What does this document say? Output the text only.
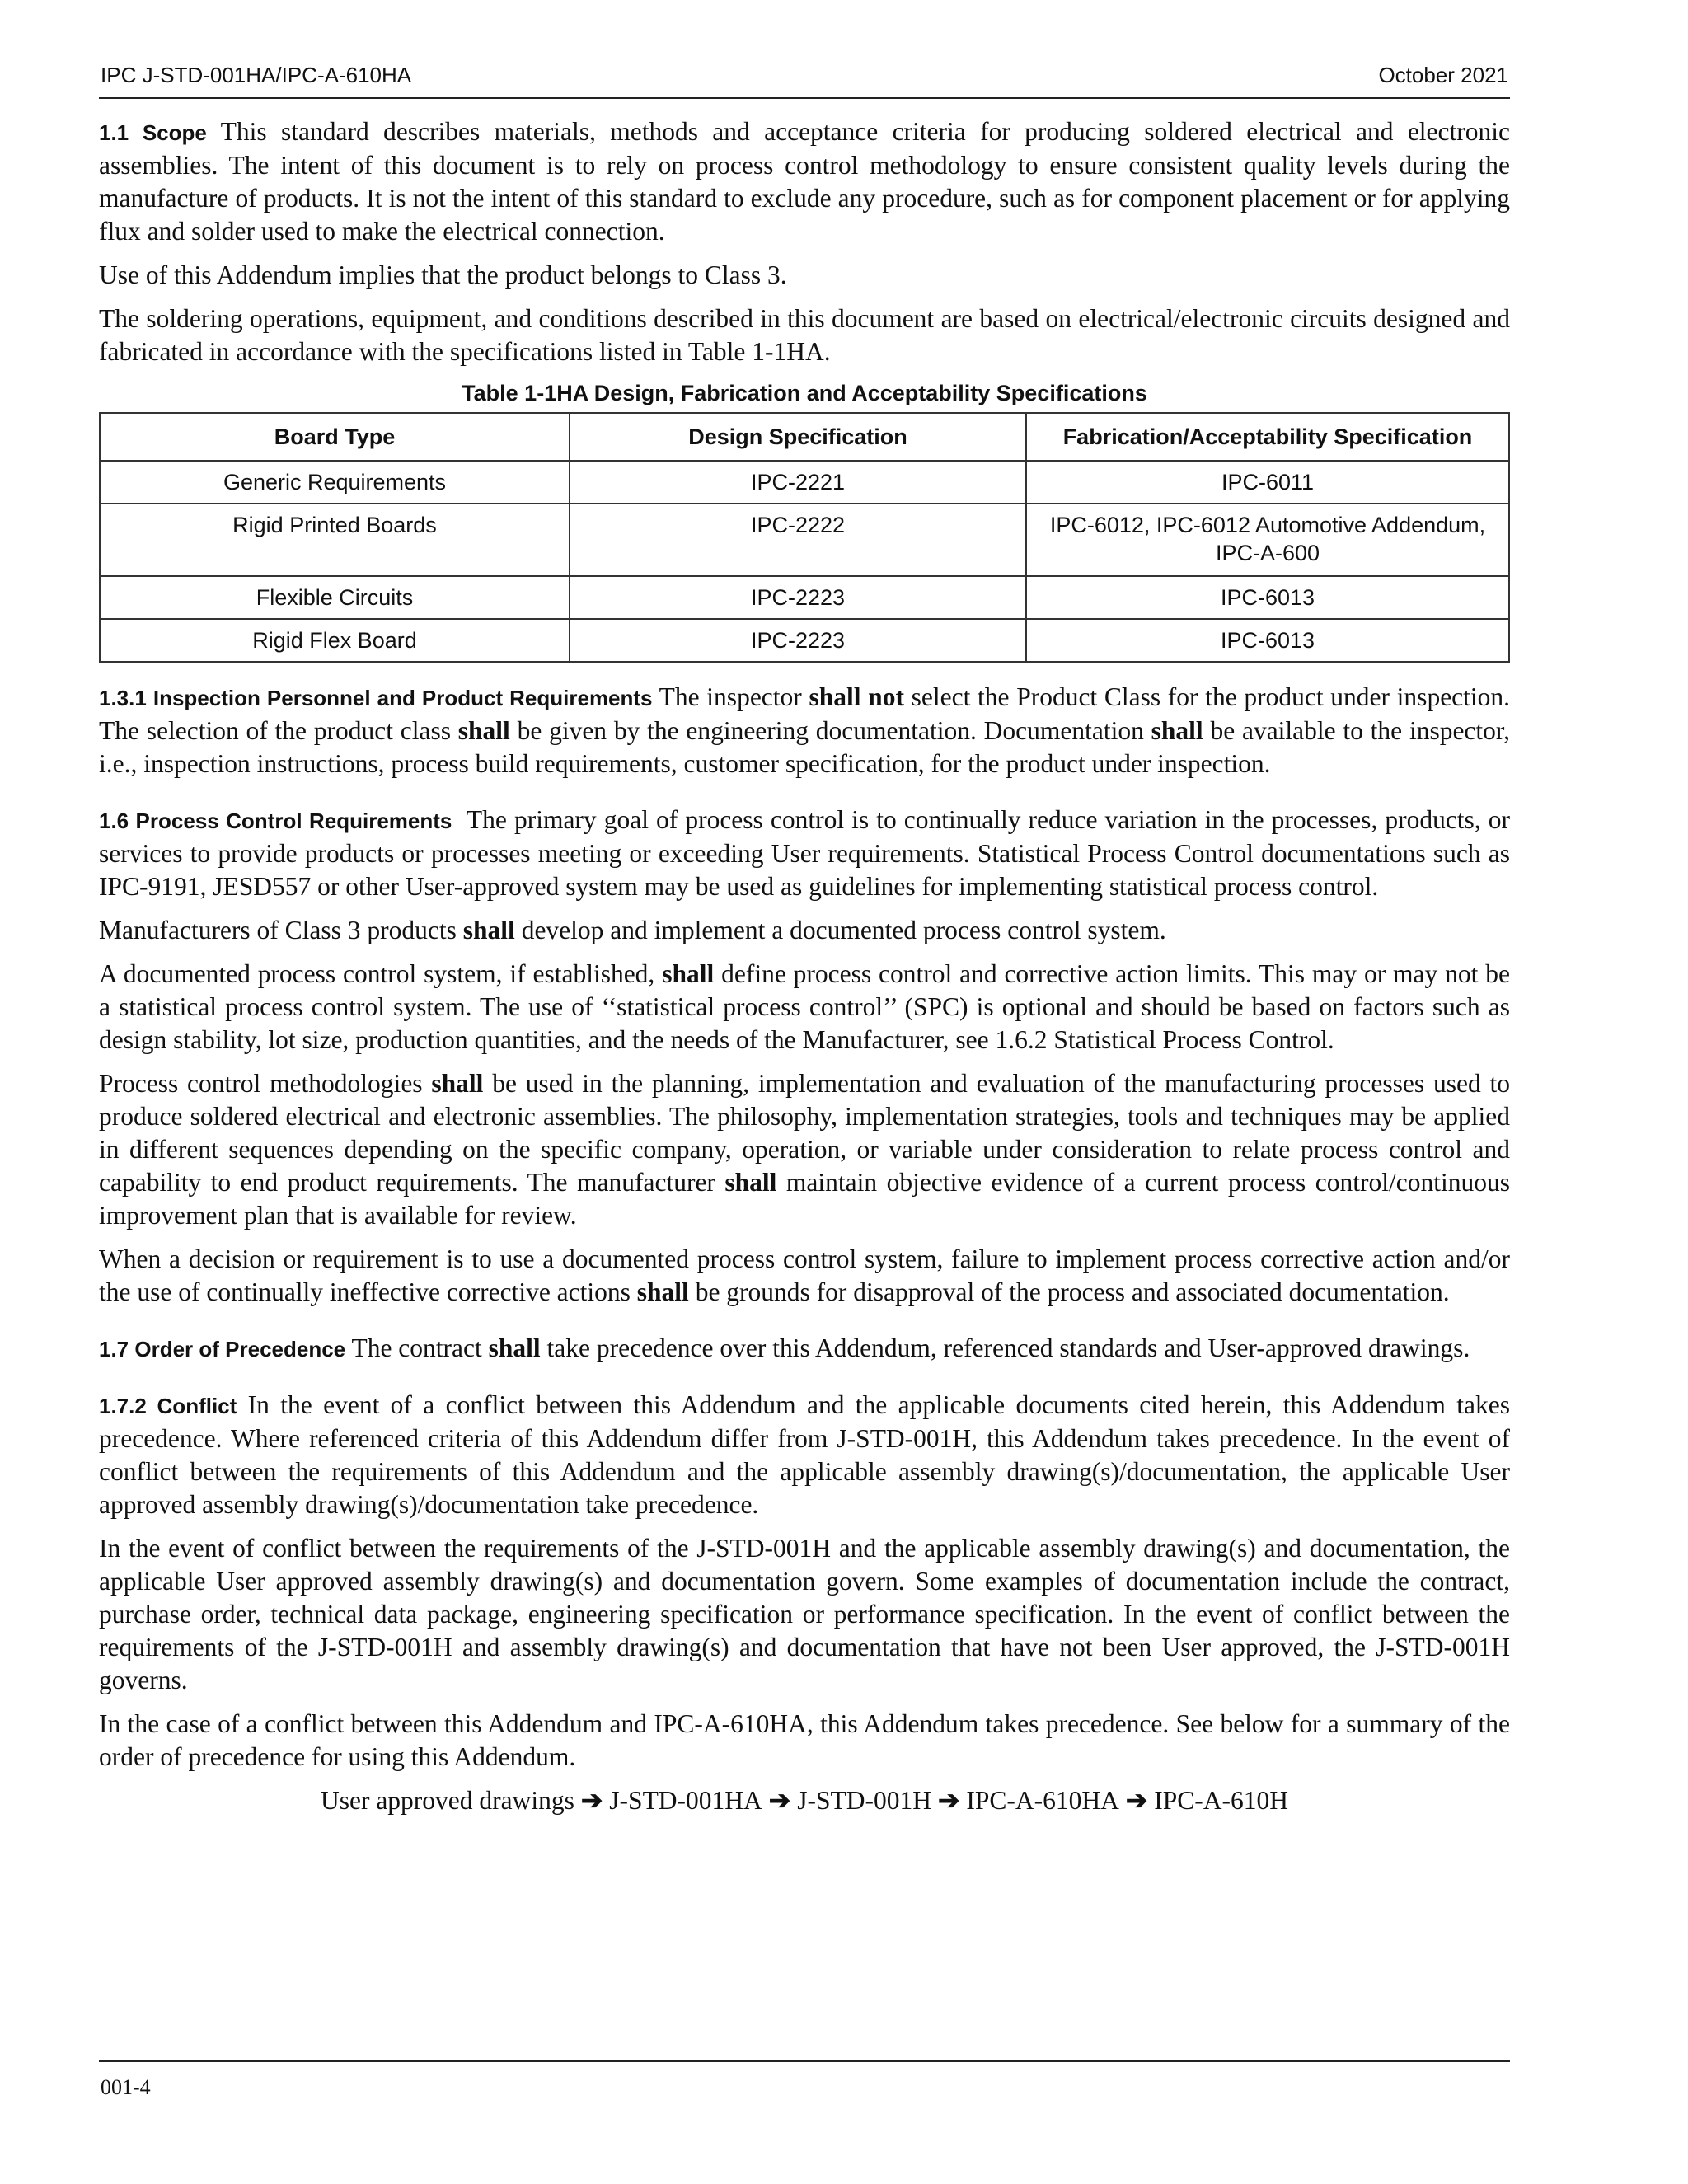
IPC J-STD-001HA/IPC-A-610HA	October 2021

1.1 Scope This standard describes materials, methods and acceptance criteria for producing soldered electrical and electronic assemblies. The intent of this document is to rely on process control methodology to ensure consistent quality levels during the manufacture of products. It is not the intent of this standard to exclude any procedure, such as for component placement or for applying flux and solder used to make the electrical connection.

Use of this Addendum implies that the product belongs to Class 3.

The soldering operations, equipment, and conditions described in this document are based on electrical/electronic circuits designed and fabricated in accordance with the specifications listed in Table 1-1HA.

Table 1-1HA Design, Fabrication and Acceptability Specifications
Board Type	Design Specification	Fabrication/Acceptability Specification
Generic Requirements	IPC-2221	IPC-6011
Rigid Printed Boards	IPC-2222	IPC-6012, IPC-6012 Automotive Addendum,
IPC-A-600
Flexible Circuits	IPC-2223	IPC-6013
Rigid Flex Board	IPC-2223	IPC-6013

1.3.1 Inspection Personnel and Product Requirements The inspector shall not select the Product Class for the product under inspection. The selection of the product class shall be given by the engineering documentation. Documentation shall be available to the inspector, i.e., inspection instructions, process build requirements, customer specification, for the product under inspection.

1.6 Process Control Requirements The primary goal of process control is to continually reduce variation in the processes, products, or services to provide products or processes meeting or exceeding User requirements. Statistical Process Control documentations such as IPC-9191, JESD557 or other User-approved system may be used as guidelines for implementing statistical process control.

Manufacturers of Class 3 products shall develop and implement a documented process control system.

A documented process control system, if established, shall define process control and corrective action limits. This may or may not be a statistical process control system. The use of ‘‘statistical process control’’ (SPC) is optional and should be based on factors such as design stability, lot size, production quantities, and the needs of the Manufacturer, see 1.6.2 Statistical Process Control.

Process control methodologies shall be used in the planning, implementation and evaluation of the manufacturing processes used to produce soldered electrical and electronic assemblies. The philosophy, implementation strategies, tools and techniques may be applied in different sequences depending on the specific company, operation, or variable under consideration to relate process control and capability to end product requirements. The manufacturer shall maintain objective evidence of a current process control/continuous improvement plan that is available for review.

When a decision or requirement is to use a documented process control system, failure to implement process corrective action and/or the use of continually ineffective corrective actions shall be grounds for disapproval of the process and associated documentation.

1.7 Order of Precedence The contract shall take precedence over this Addendum, referenced standards and User-approved drawings.

1.7.2 Conflict In the event of a conflict between this Addendum and the applicable documents cited herein, this Addendum takes precedence. Where referenced criteria of this Addendum differ from J-STD-001H, this Addendum takes precedence. In the event of conflict between the requirements of this Addendum and the applicable assembly drawing(s)/documentation, the applicable User approved assembly drawing(s)/documentation take precedence.

In the event of conflict between the requirements of the J-STD-001H and the applicable assembly drawing(s) and documentation, the applicable User approved assembly drawing(s) and documentation govern. Some examples of documentation include the contract, purchase order, technical data package, engineering specification or performance specification. In the event of conflict between the requirements of the J-STD-001H and assembly drawing(s) and documentation that have not been User approved, the J-STD-001H governs.

In the case of a conflict between this Addendum and IPC-A-610HA, this Addendum takes precedence. See below for a summary of the order of precedence for using this Addendum.

User approved drawings ➔ J-STD-001HA ➔ J-STD-001H ➔ IPC-A-610HA ➔ IPC-A-610H
001-4
